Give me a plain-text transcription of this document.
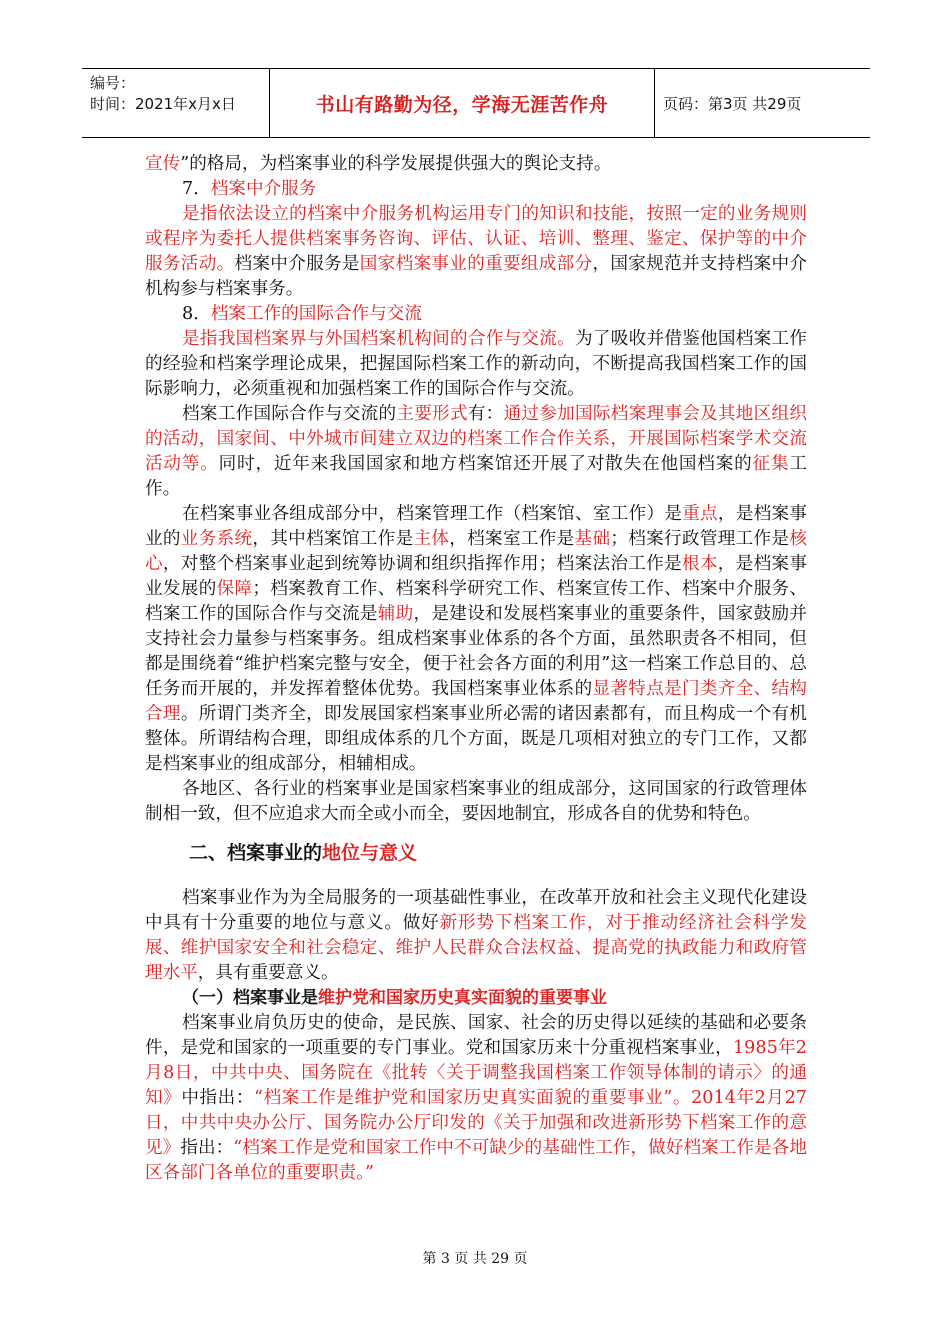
编号：
时间：2021年x月x日	书山有路勤为径，学海无涯苦作舟	页码：第3页 共29页

宣传”的格局，为档案事业的科学发展提供强大的舆论支持。

7．档案中介服务

是指依法设立的档案中介服务机构运用专门的知识和技能，按照一定的业务规则或程序为委托人提供档案事务咨询、评估、认证、培训、整理、鉴定、保护等的中介服务活动。档案中介服务是国家档案事业的重要组成部分，国家规范并支持档案中介机构参与档案事务。

8．档案工作的国际合作与交流

是指我国档案界与外国档案机构间的合作与交流。为了吸收并借鉴他国档案工作的经验和档案学理论成果，把握国际档案工作的新动向，不断提高我国档案工作的国际影响力，必须重视和加强档案工作的国际合作与交流。

档案工作国际合作与交流的主要形式有：通过参加国际档案理事会及其地区组织的活动，国家间、中外城市间建立双边的档案工作合作关系，开展国际档案学术交流活动等。同时，近年来我国国家和地方档案馆还开展了对散失在他国档案的征集工作。

在档案事业各组成部分中，档案管理工作（档案馆、室工作）是重点，是档案事业的业务系统，其中档案馆工作是主体，档案室工作是基础；档案行政管理工作是核心，对整个档案事业起到统筹协调和组织指挥作用；档案法治工作是根本，是档案事业发展的保障；档案教育工作、档案科学研究工作、档案宣传工作、档案中介服务、档案工作的国际合作与交流是辅助，是建设和发展档案事业的重要条件，国家鼓励并支持社会力量参与档案事务。组成档案事业体系的各个方面，虽然职责各不相同，但都是围绕着“维护档案完整与安全，便于社会各方面的利用”这一档案工作总目的、总任务而开展的，并发挥着整体优势。我国档案事业体系的显著特点是门类齐全、结构合理。所谓门类齐全，即发展国家档案事业所必需的诸因素都有，而且构成一个有机整体。所谓结构合理，即组成体系的几个方面，既是几项相对独立的专门工作，又都是档案事业的组成部分，相辅相成。

各地区、各行业的档案事业是国家档案事业的组成部分，这同国家的行政管理体制相一致，但不应追求大而全或小而全，要因地制宜，形成各自的优势和特色。

二、档案事业的地位与意义

档案事业作为为全局服务的一项基础性事业，在改革开放和社会主义现代化建设中具有十分重要的地位与意义。做好新形势下档案工作，对于推动经济社会科学发展、维护国家安全和社会稳定、维护人民群众合法权益、提高党的执政能力和政府管理水平，具有重要意义。

（一）档案事业是维护党和国家历史真实面貌的重要事业

档案事业肩负历史的使命，是民族、国家、社会的历史得以延续的基础和必要条件，是党和国家的一项重要的专门事业。党和国家历来十分重视档案事业，1985年2月8日，中共中央、国务院在《批转〈关于调整我国档案工作领导体制的请示〉的通知》中指出：“档案工作是维护党和国家历史真实面貌的重要事业”。2014年2月27日，中共中央办公厅、国务院办公厅印发的《关于加强和改进新形势下档案工作的意见》指出：“档案工作是党和国家工作中不可缺少的基础性工作，做好档案工作是各地区各部门各单位的重要职责。”

第 3 页 共 29 页
